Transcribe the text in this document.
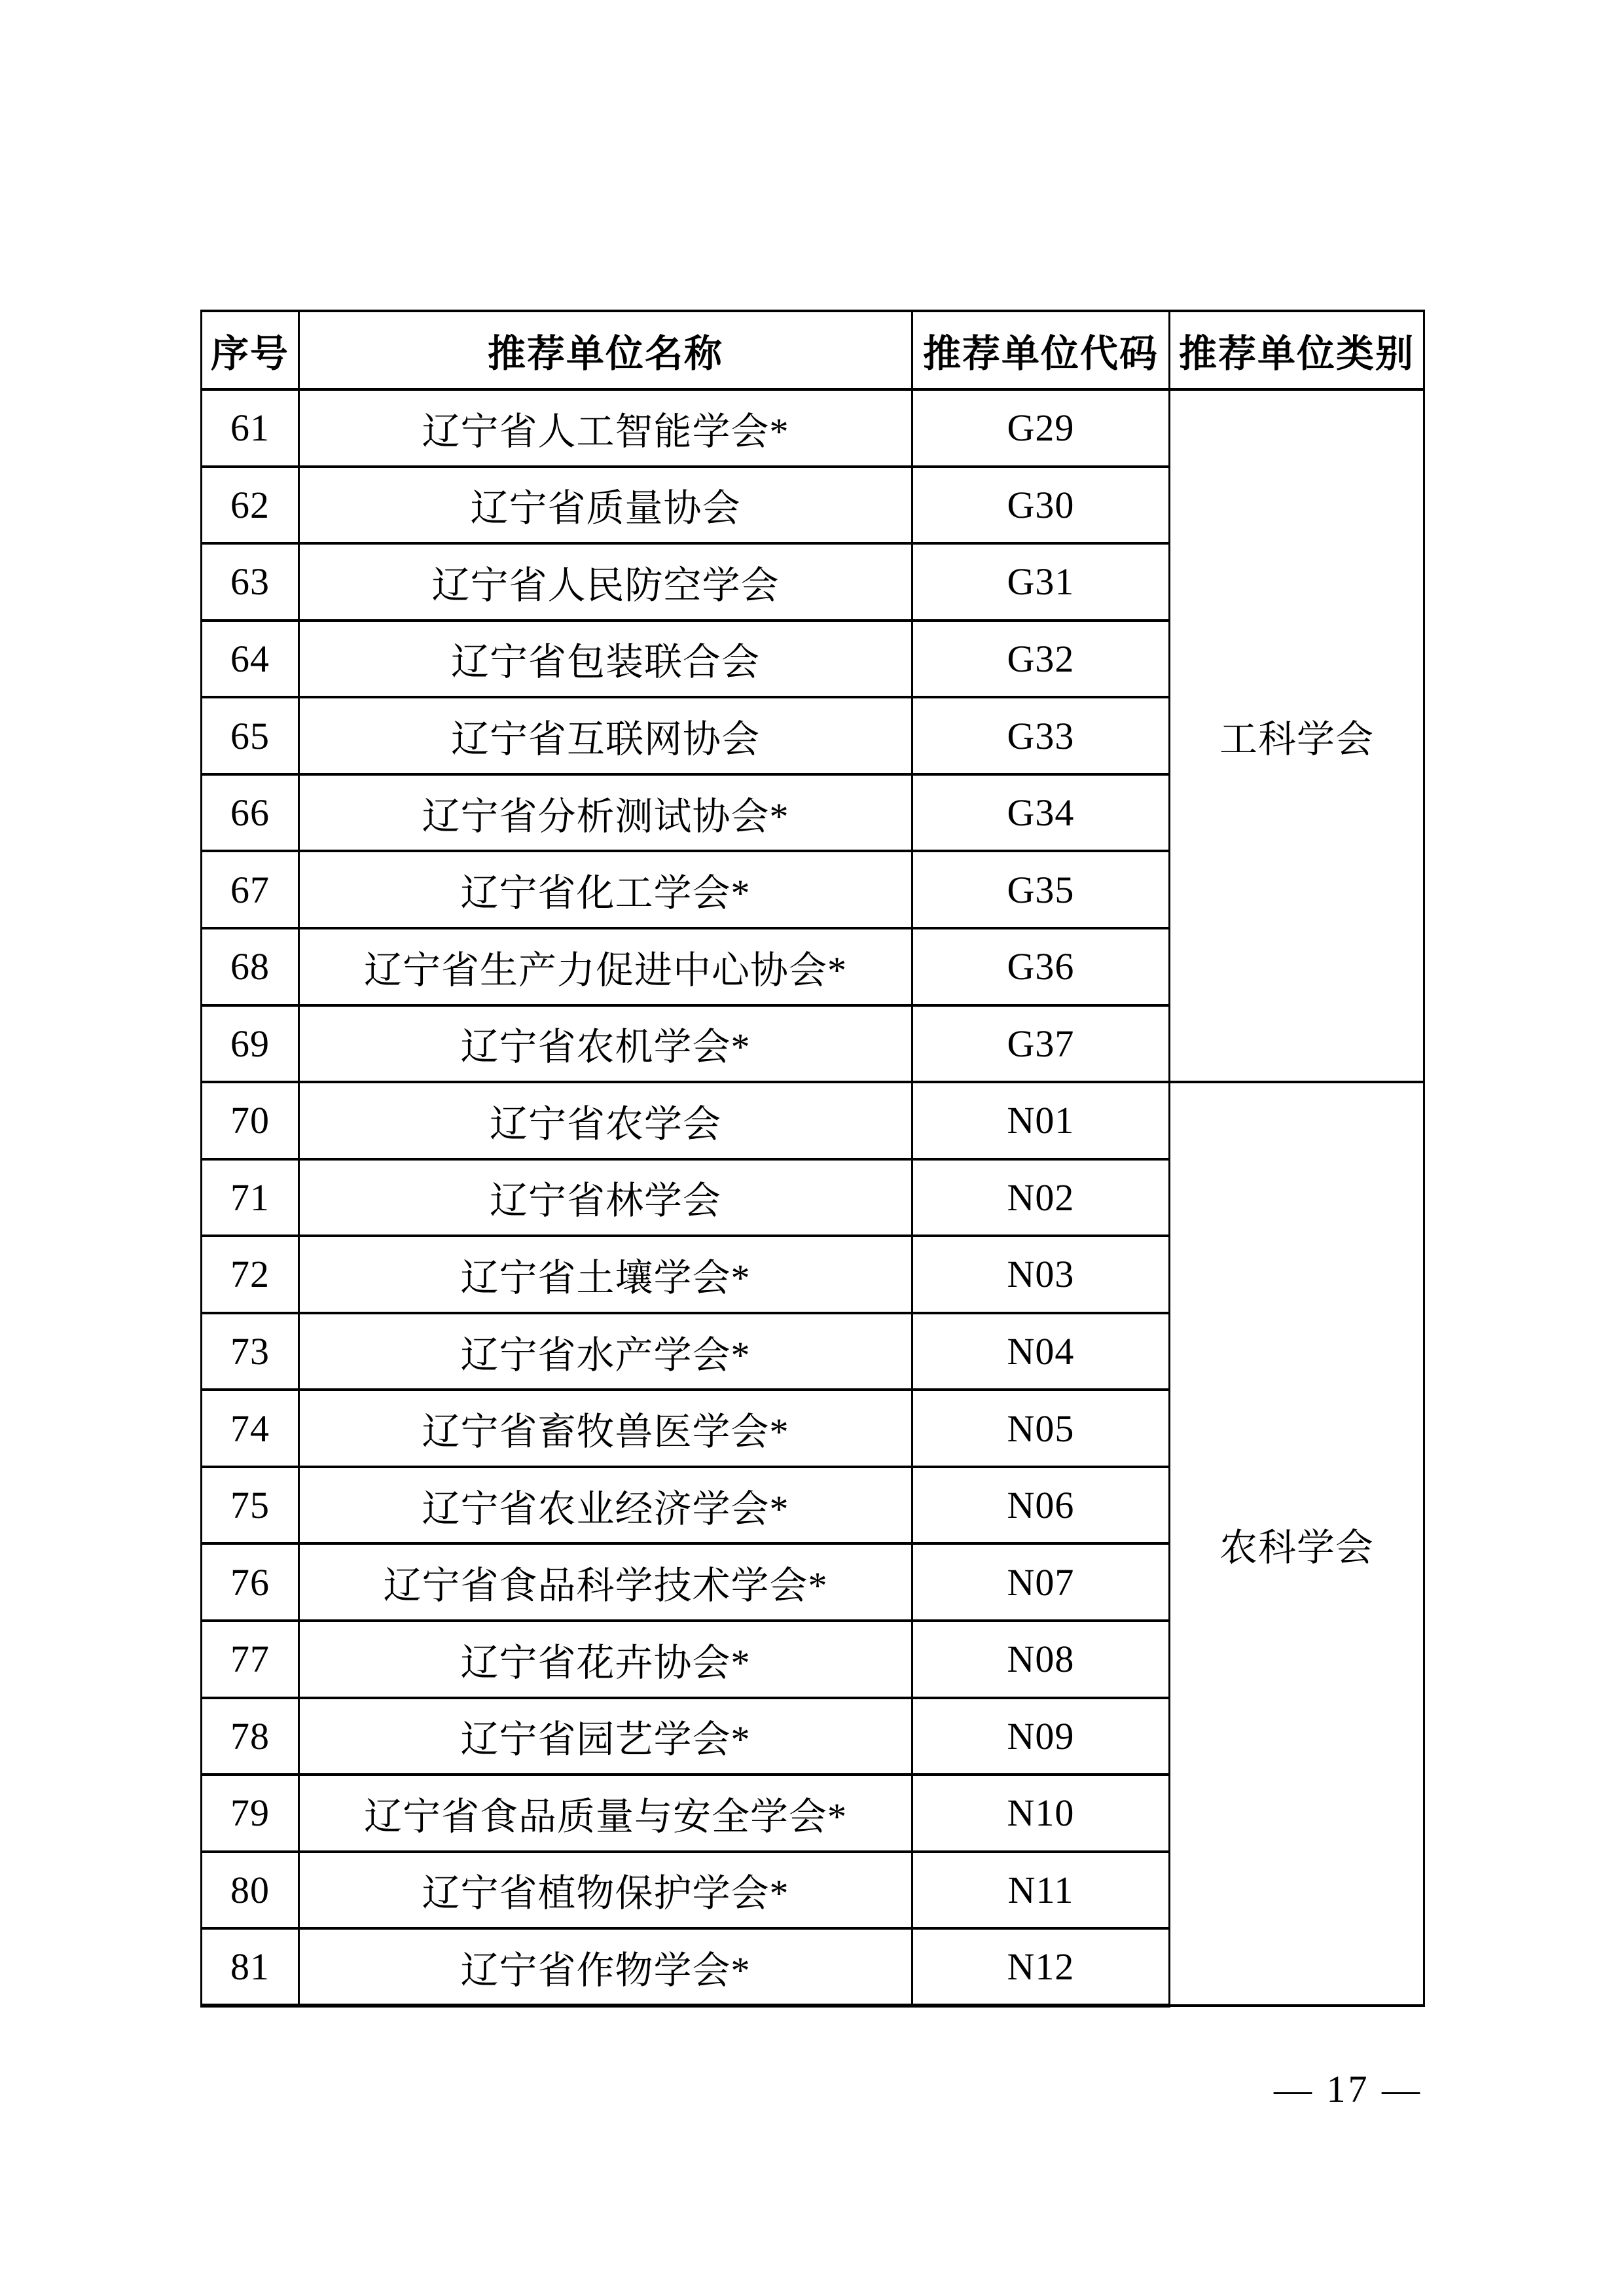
序号	推荐单位名称	推荐单位代码	推荐单位类别
61	辽宁省人工智能学会*	G29	工科学会
62	辽宁省质量协会	G30	
63	辽宁省人民防空学会	G31	
64	辽宁省包装联合会	G32	
65	辽宁省互联网协会	G33	
66	辽宁省分析测试协会*	G34	
67	辽宁省化工学会*	G35	
68	辽宁省生产力促进中心协会*	G36	
69	辽宁省农机学会*	G37	
70	辽宁省农学会	N01	农科学会
71	辽宁省林学会	N02	
72	辽宁省土壤学会*	N03	
73	辽宁省水产学会*	N04	
74	辽宁省畜牧兽医学会*	N05	
75	辽宁省农业经济学会*	N06	
76	辽宁省食品科学技术学会*	N07	
77	辽宁省花卉协会*	N08	
78	辽宁省园艺学会*	N09	
79	辽宁省食品质量与安全学会*	N10	
80	辽宁省植物保护学会*	N11	
81	辽宁省作物学会*	N12	
— 17 —
